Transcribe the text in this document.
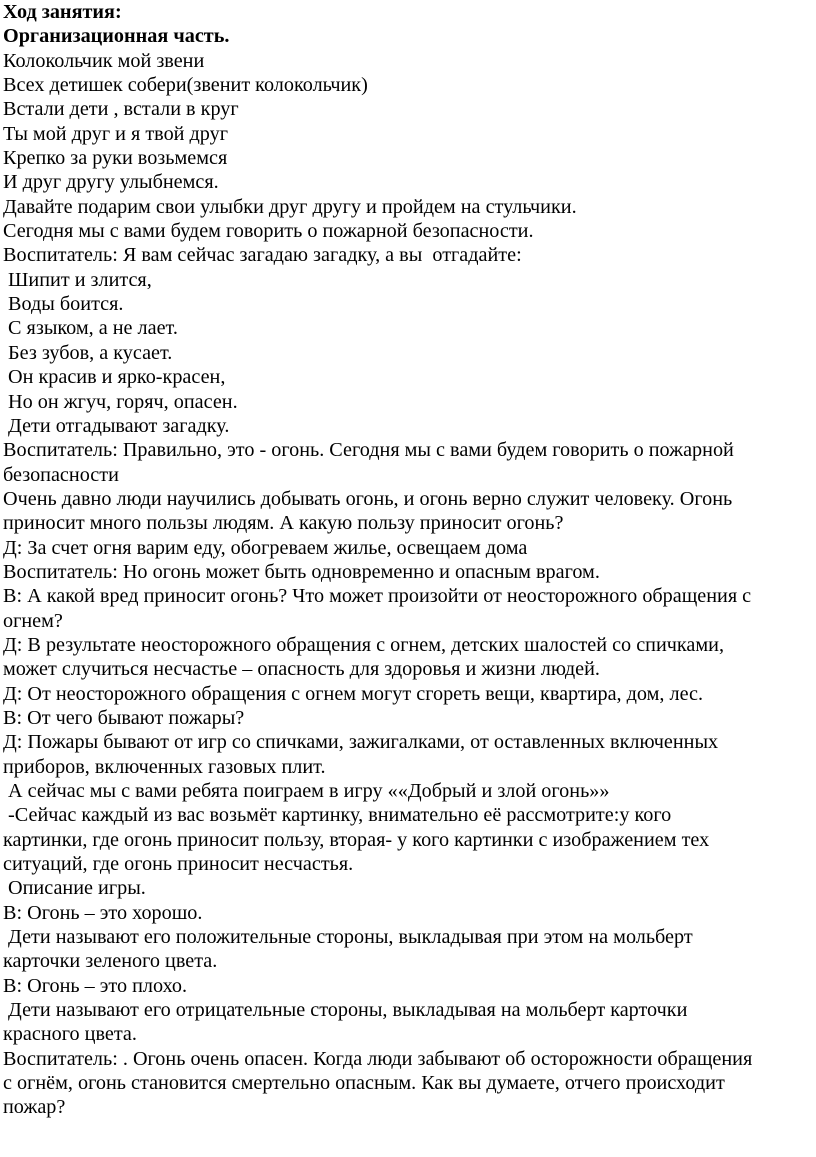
Ход занятия:
Организационная часть.
Колокольчик мой звени
Всех детишек собери(звенит колокольчик)
Встали дети , встали в круг
Ты мой друг и я твой друг
Крепко за руки возьмемся
И друг другу улыбнемся.
Давайте подарим свои улыбки друг другу и пройдем на стульчики.
Сегодня мы с вами будем говорить о пожарной безопасности.
Воспитатель: Я вам сейчас загадаю загадку, а вы  отгадайте:
Шипит и злится,
Воды боится.
С языком, а не лает.
Без зубов, а кусает.
Он красив и ярко-красен,
Но он жгуч, горяч, опасен.
Дети отгадывают загадку.
Воспитатель: Правильно, это - огонь. Сегодня мы с вами будем говорить о пожарной
безопасности
Очень давно люди научились добывать огонь, и огонь верно служит человеку. Огонь
приносит много пользы людям. А какую пользу приносит огонь?
Д: За счет огня варим еду, обогреваем жилье, освещаем дома
Воспитатель: Но огонь может быть одновременно и опасным врагом.
В: А какой вред приносит огонь? Что может произойти от неосторожного обращения с
огнем?
Д: В результате неосторожного обращения с огнем, детских шалостей со спичками,
может случиться несчастье – опасность для здоровья и жизни людей.
Д: От неосторожного обращения с огнем могут сгореть вещи, квартира, дом, лес.
В: От чего бывают пожары?
Д: Пожары бывают от игр со спичками, зажигалками, от оставленных включенных
приборов, включенных газовых плит.
А сейчас мы с вами ребята поиграем в игру ««Добрый и злой огонь»»
-Сейчас каждый из вас возьмёт картинку, внимательно её рассмотрите:у кого
картинки, где огонь приносит пользу, вторая- у кого картинки с изображением тех
ситуаций, где огонь приносит несчастья.
Описание игры.
В: Огонь – это хорошо.
Дети называют его положительные стороны, выкладывая при этом на мольберт
карточки зеленого цвета.
В: Огонь – это плохо.
Дети называют его отрицательные стороны, выкладывая на мольберт карточки
красного цвета.
Воспитатель: . Огонь очень опасен. Когда люди забывают об осторожности обращения
с огнём, огонь становится смертельно опасным. Как вы думаете, отчего происходит
пожар?
